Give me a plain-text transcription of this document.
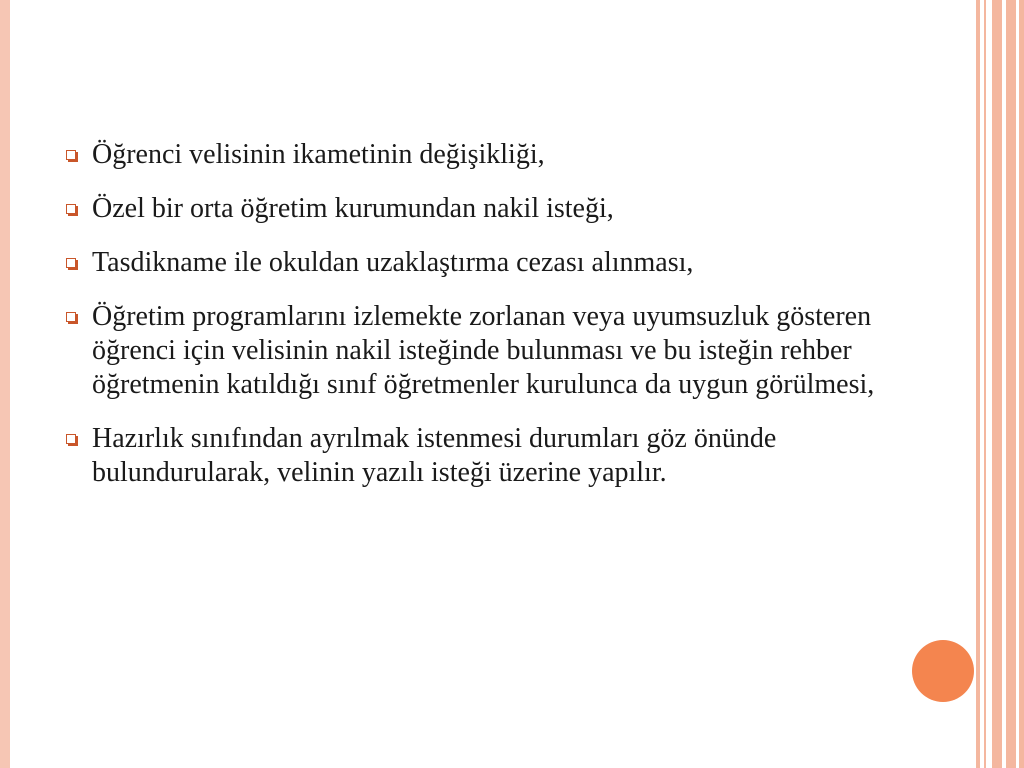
Öğrenci velisinin ikametinin değişikliği,
Özel bir orta öğretim kurumundan nakil isteği,
Tasdikname ile okuldan uzaklaştırma cezası alınması,
Öğretim programlarını izlemekte zorlanan veya uyumsuzluk gösteren öğrenci için velisinin nakil isteğinde bulunması ve bu isteğin rehber öğretmenin katıldığı sınıf öğretmenler kurulunca da uygun görülmesi,
Hazırlık sınıfından ayrılmak istenmesi durumları göz önünde bulundurularak, velinin yazılı isteği üzerine yapılır.
